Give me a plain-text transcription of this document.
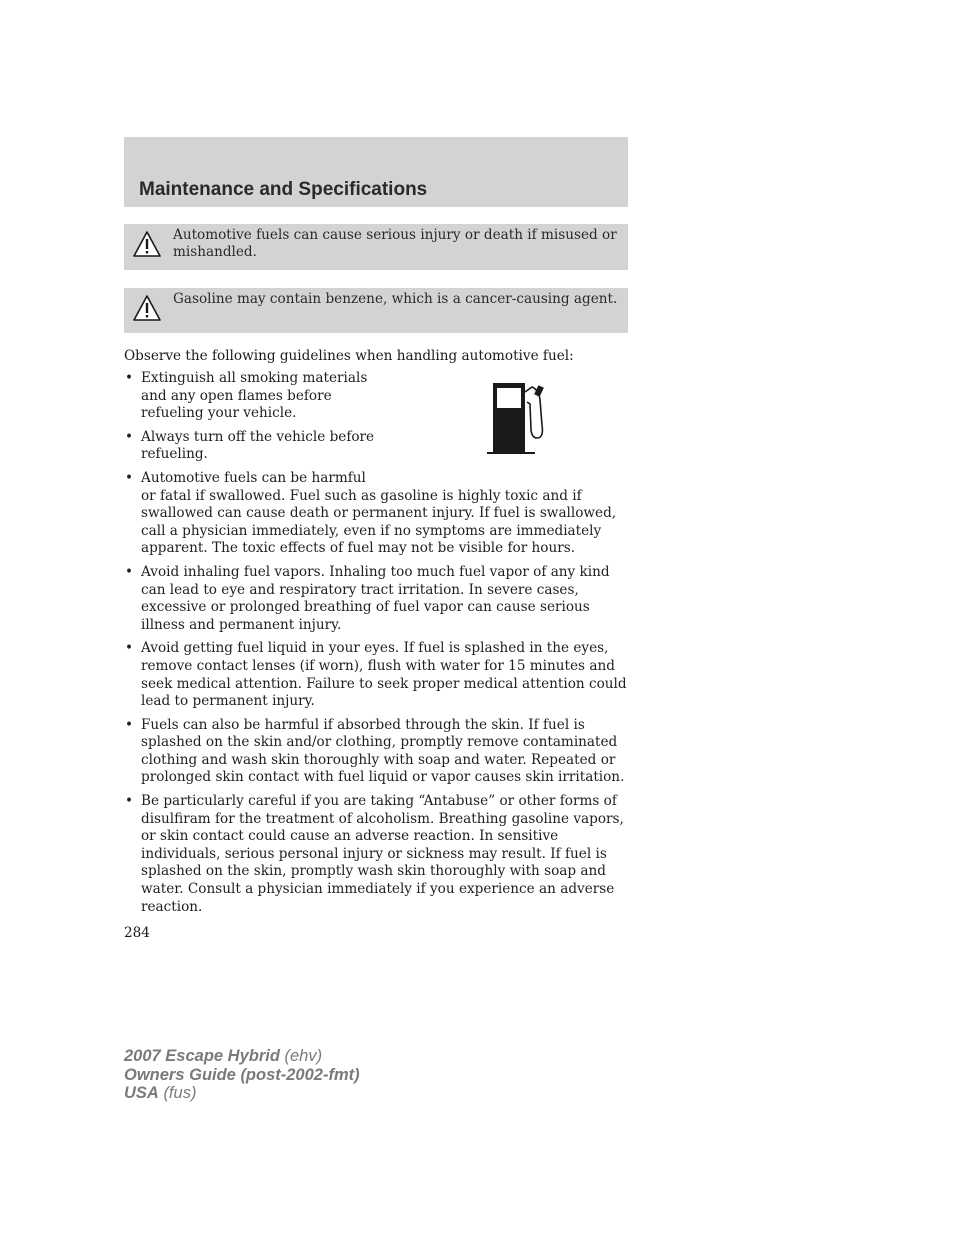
Maintenance and Specifications
Automotive fuels can cause serious injury or death if misused or mishandled.
Gasoline may contain benzene, which is a cancer-causing agent.

Observe the following guidelines when handling automotive fuel:

• Extinguish all smoking materials and any open flames before refueling your vehicle.
• Always turn off the vehicle before refueling.
• Automotive fuels can be harmful
or fatal if swallowed. Fuel such as gasoline is highly toxic and if swallowed can cause death or permanent injury. If fuel is swallowed, call a physician immediately, even if no symptoms are immediately apparent. The toxic effects of fuel may not be visible for hours.
• Avoid inhaling fuel vapors. Inhaling too much fuel vapor of any kind can lead to eye and respiratory tract irritation. In severe cases, excessive or prolonged breathing of fuel vapor can cause serious illness and permanent injury.
• Avoid getting fuel liquid in your eyes. If fuel is splashed in the eyes, remove contact lenses (if worn), flush with water for 15 minutes and seek medical attention. Failure to seek proper medical attention could lead to permanent injury.
• Fuels can also be harmful if absorbed through the skin. If fuel is splashed on the skin and/or clothing, promptly remove contaminated clothing and wash skin thoroughly with soap and water. Repeated or prolonged skin contact with fuel liquid or vapor causes skin irritation.
• Be particularly careful if you are taking “Antabuse” or other forms of disulfiram for the treatment of alcoholism. Breathing gasoline vapors, or skin contact could cause an adverse reaction. In sensitive individuals, serious personal injury or sickness may result. If fuel is splashed on the skin, promptly wash skin thoroughly with soap and water. Consult a physician immediately if you experience an adverse reaction.

284

2007 Escape Hybrid (ehv)
Owners Guide (post-2002-fmt)
USA (fus)
